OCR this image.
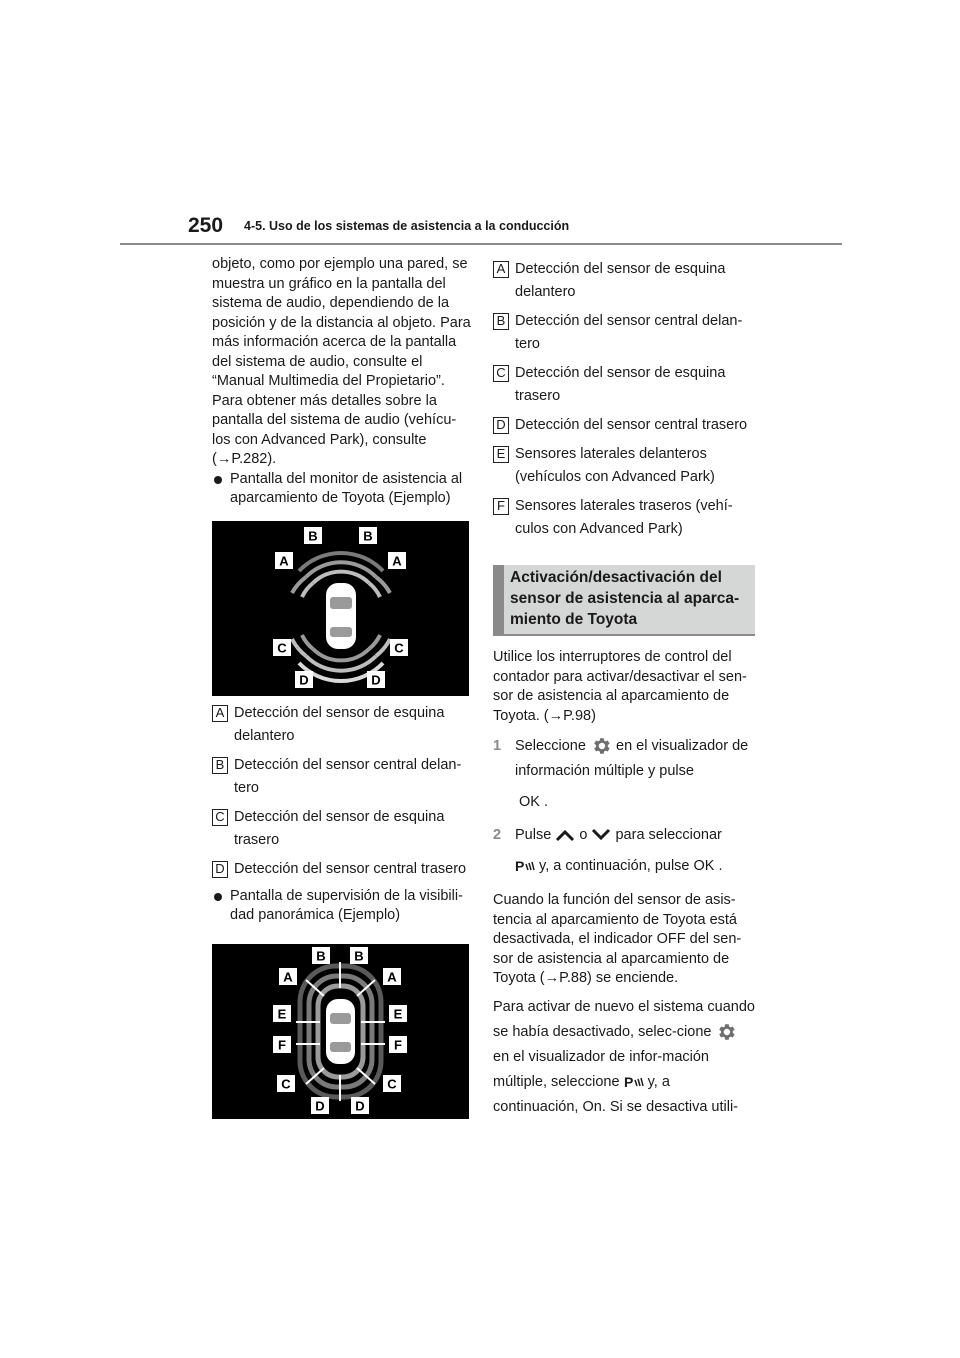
250 4-5. Uso de los sistemas de asistencia a la conducción

objeto, como por ejemplo una pared, se muestra un gráfico en la pantalla del sistema de audio, dependiendo de la posición y de la distancia al objeto. Para más información acerca de la pantalla del sistema de audio, consulte el “Manual Multimedia del Propietario”. Para obtener más detalles sobre la pantalla del sistema de audio (vehícu-los con Advanced Park), consulte (→P.282).

Pantalla del monitor de asistencia al aparcamiento de Toyota (Ejemplo)

B	B
A	A
C	C
D	D
A Detección del sensor de esquina delantero
B Detección del sensor central delan-tero
C Detección del sensor de esquina trasero
D Detección del sensor central trasero

Pantalla de supervisión de la visibili-dad panorámica (Ejemplo)

B B
A	A
E	E
F	F
C	C
D D
A Detección del sensor de esquina delantero
B Detección del sensor central delan-tero
C Detección del sensor de esquina trasero
D Detección del sensor central trasero
E Sensores laterales delanteros (vehículos con Advanced Park)
F Sensores laterales traseros (vehí-culos con Advanced Park)
Activación/desactivación del sensor de asistencia al aparca-miento de Toyota

Utilice los interruptores de control del contador para activar/desactivar el sen-sor de asistencia al aparcamiento de Toyota. (→P.98)

1 Seleccione en el visualizador de información múltiple y pulse
OK .
2 Pulse o para seleccionar
P y, a continuación, pulse OK .

Cuando la función del sensor de asis-tencia al aparcamiento de Toyota está desactivada, el indicador OFF del sen-sor de asistencia al aparcamiento de Toyota (→P.88) se enciende.

Para activar de nuevo el sistema cuando se había desactivado, selec-cione  en el visualizador de infor-mación múltiple, seleccione P y, a continuación, On. Si se desactiva utili-
